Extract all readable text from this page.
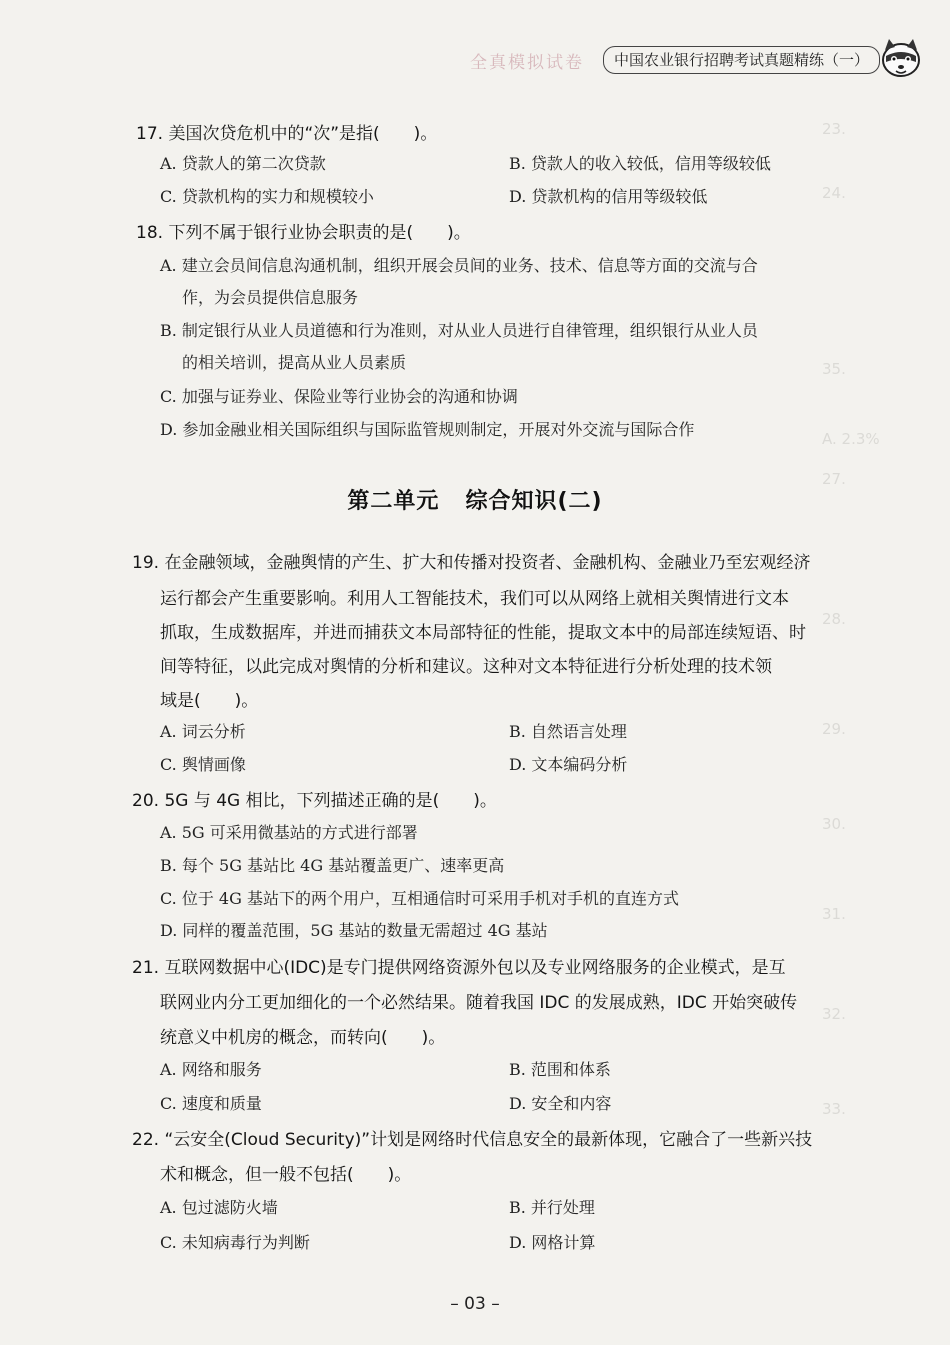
全真模拟试卷	中国农业银行招聘考试真题精练（一）
23.
24.
35.
A. 2.3%
27.
28.
29.
30.
31.
32.
33.
17. 美国次贷危机中的“次”是指(　　)。
A. 贷款人的第二次贷款	B. 贷款人的收入较低，信用等级较低
C. 贷款机构的实力和规模较小	D. 贷款机构的信用等级较低
18. 下列不属于银行业协会职责的是(　　)。
A. 建立会员间信息沟通机制，组织开展会员间的业务、技术、信息等方面的交流与合
作，为会员提供信息服务
B. 制定银行从业人员道德和行为准则，对从业人员进行自律管理，组织银行从业人员
的相关培训，提高从业人员素质
C. 加强与证券业、保险业等行业协会的沟通和协调
D. 参加金融业相关国际组织与国际监管规则制定，开展对外交流与国际合作
第二单元 综合知识(二)
19. 在金融领域，金融舆情的产生、扩大和传播对投资者、金融机构、金融业乃至宏观经济
运行都会产生重要影响。利用人工智能技术，我们可以从网络上就相关舆情进行文本
抓取，生成数据库，并进而捕获文本局部特征的性能，提取文本中的局部连续短语、时
间等特征，以此完成对舆情的分析和建议。这种对文本特征进行分析处理的技术领
域是(　　)。
A. 词云分析	B. 自然语言处理
C. 舆情画像	D. 文本编码分析
20. 5G 与 4G 相比，下列描述正确的是(　　)。
A. 5G 可采用微基站的方式进行部署
B. 每个 5G 基站比 4G 基站覆盖更广、速率更高
C. 位于 4G 基站下的两个用户，互相通信时可采用手机对手机的直连方式
D. 同样的覆盖范围，5G 基站的数量无需超过 4G 基站
21. 互联网数据中心(IDC)是专门提供网络资源外包以及专业网络服务的企业模式，是互
联网业内分工更加细化的一个必然结果。随着我国 IDC 的发展成熟，IDC 开始突破传
统意义中机房的概念，而转向(　　)。
A. 网络和服务	B. 范围和体系
C. 速度和质量	D. 安全和内容
22. “云安全(Cloud Security)”计划是网络时代信息安全的最新体现，它融合了一些新兴技
术和概念，但一般不包括(　　)。
A. 包过滤防火墙	B. 并行处理
C. 未知病毒行为判断	D. 网格计算
– 03 –
